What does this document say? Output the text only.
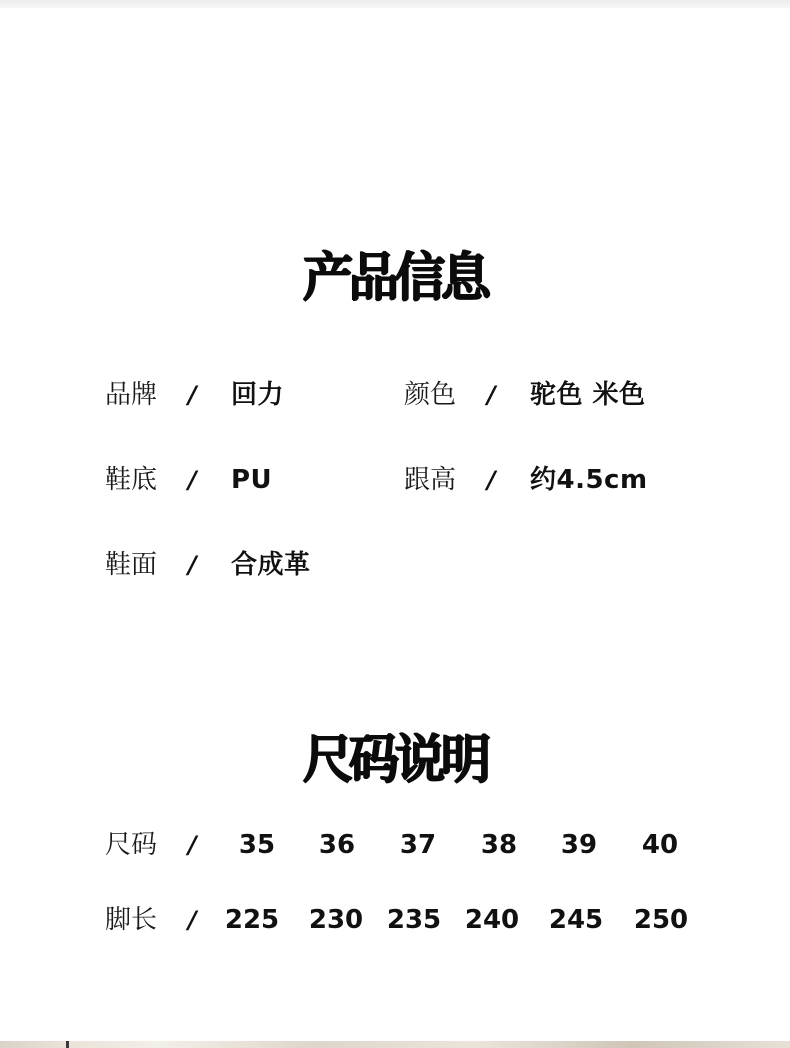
产品信息
品牌 / 回力	颜色 / 驼色 米色
鞋底 / PU	跟高 / 约4.5cm
鞋面 / 合成革
尺码说明
尺码 /	35	36	37	38	39	40
脚长 /	225	230 235 240	245	250
